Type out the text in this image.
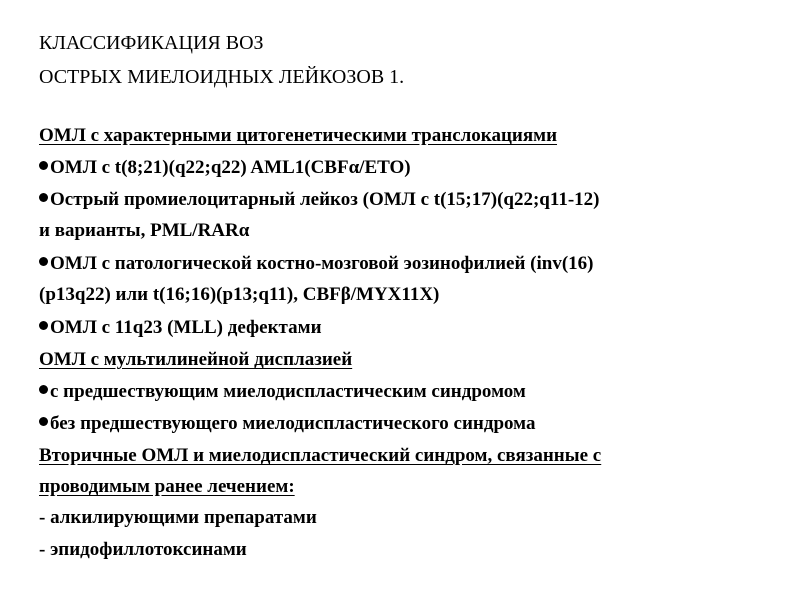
КЛАССИФИКАЦИЯ ВОЗ
ОСТРЫХ МИЕЛОИДНЫХ ЛЕЙКОЗОВ 1.
ОМЛ с характерными цитогенетическими транслокациями
ОМЛ с t(8;21)(q22;q22) AML1(CBFα/ETO)
Острый промиелоцитарный лейкоз (ОМЛ с t(15;17)(q22;q11-12)
и варианты, PML/RARα
ОМЛ с патологической костно-мозговой эозинофилией (inv(16)
(p13q22) или t(16;16)(p13;q11), CBFβ/MYX11X)
ОМЛ с 11q23 (MLL) дефектами
ОМЛ с мультилинейной дисплазией
с предшествующим миелодиспластическим синдромом
без предшествующего миелодиспластического синдрома
Вторичные ОМЛ и миелодиспластический синдром, связанные с
проводимым ранее лечением:
- алкилирующими препаратами
- эпидофиллотоксинами
